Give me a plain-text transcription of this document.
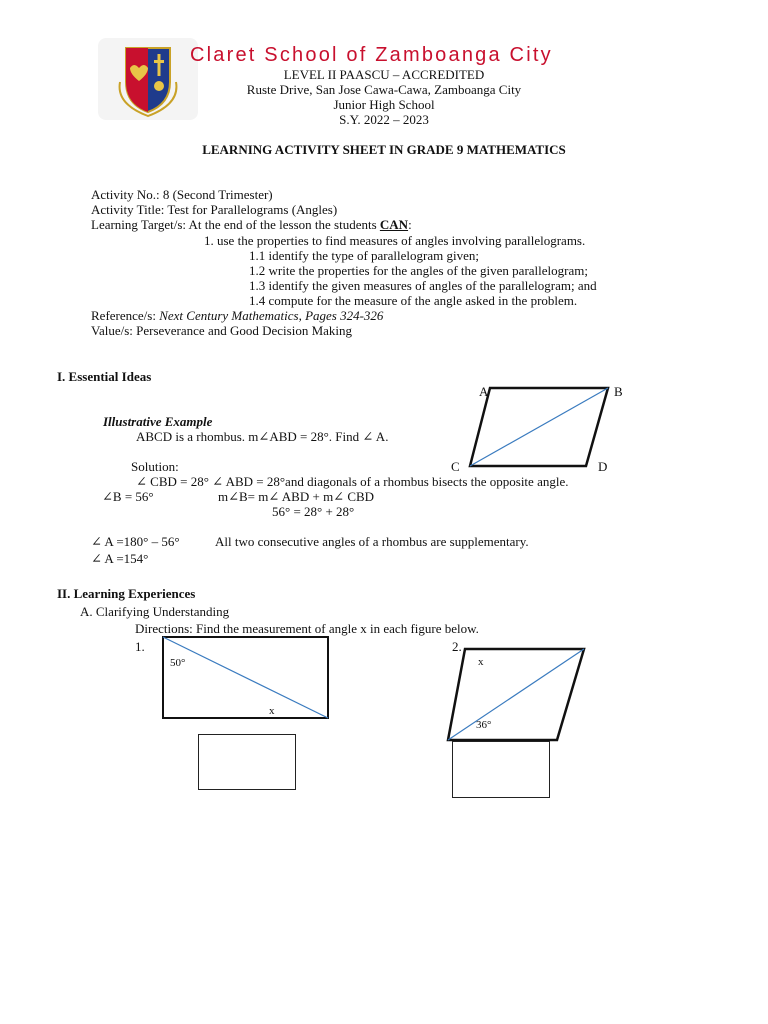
Claret School of Zamboanga City
LEVEL II PAASCU – ACCREDITED
Ruste Drive, San Jose Cawa-Cawa, Zamboanga City
Junior High School
S.Y. 2022 – 2023
LEARNING ACTIVITY SHEET IN GRADE 9 MATHEMATICS
Activity No.: 8 (Second Trimester)
Activity Title: Test for Parallelograms (Angles)
Learning Target/s: At the end of the lesson the students CAN:
1. use the properties to find measures of angles involving parallelograms.
1.1 identify the type of parallelogram given;
1.2 write the properties for the angles of the given parallelogram;
1.3 identify the given measures of angles of the parallelogram; and
1.4 compute for the measure of the angle asked in the problem.
Reference/s: Next Century Mathematics, Pages 324-326
Value/s: Perseverance and Good Decision Making
I. Essential Ideas
Illustrative Example
ABCD is a rhombus. m∠ABD = 28°. Find ∠ A.
Solution:
∠ CBD = 28° ∠ ABD = 28°and diagonals of a rhombus bisects the opposite angle.
∠B = 56°	m∠B= m∠ ABD + m∠ CBD
56° = 28° + 28°
∠ A =180° – 56°	All two consecutive angles of a rhombus are supplementary.
∠ A =154°
A	B
C	D
II. Learning Experiences
A. Clarifying Understanding
Directions: Find the measurement of angle x in each figure below.
1.
50°
x
2.
x
36°
